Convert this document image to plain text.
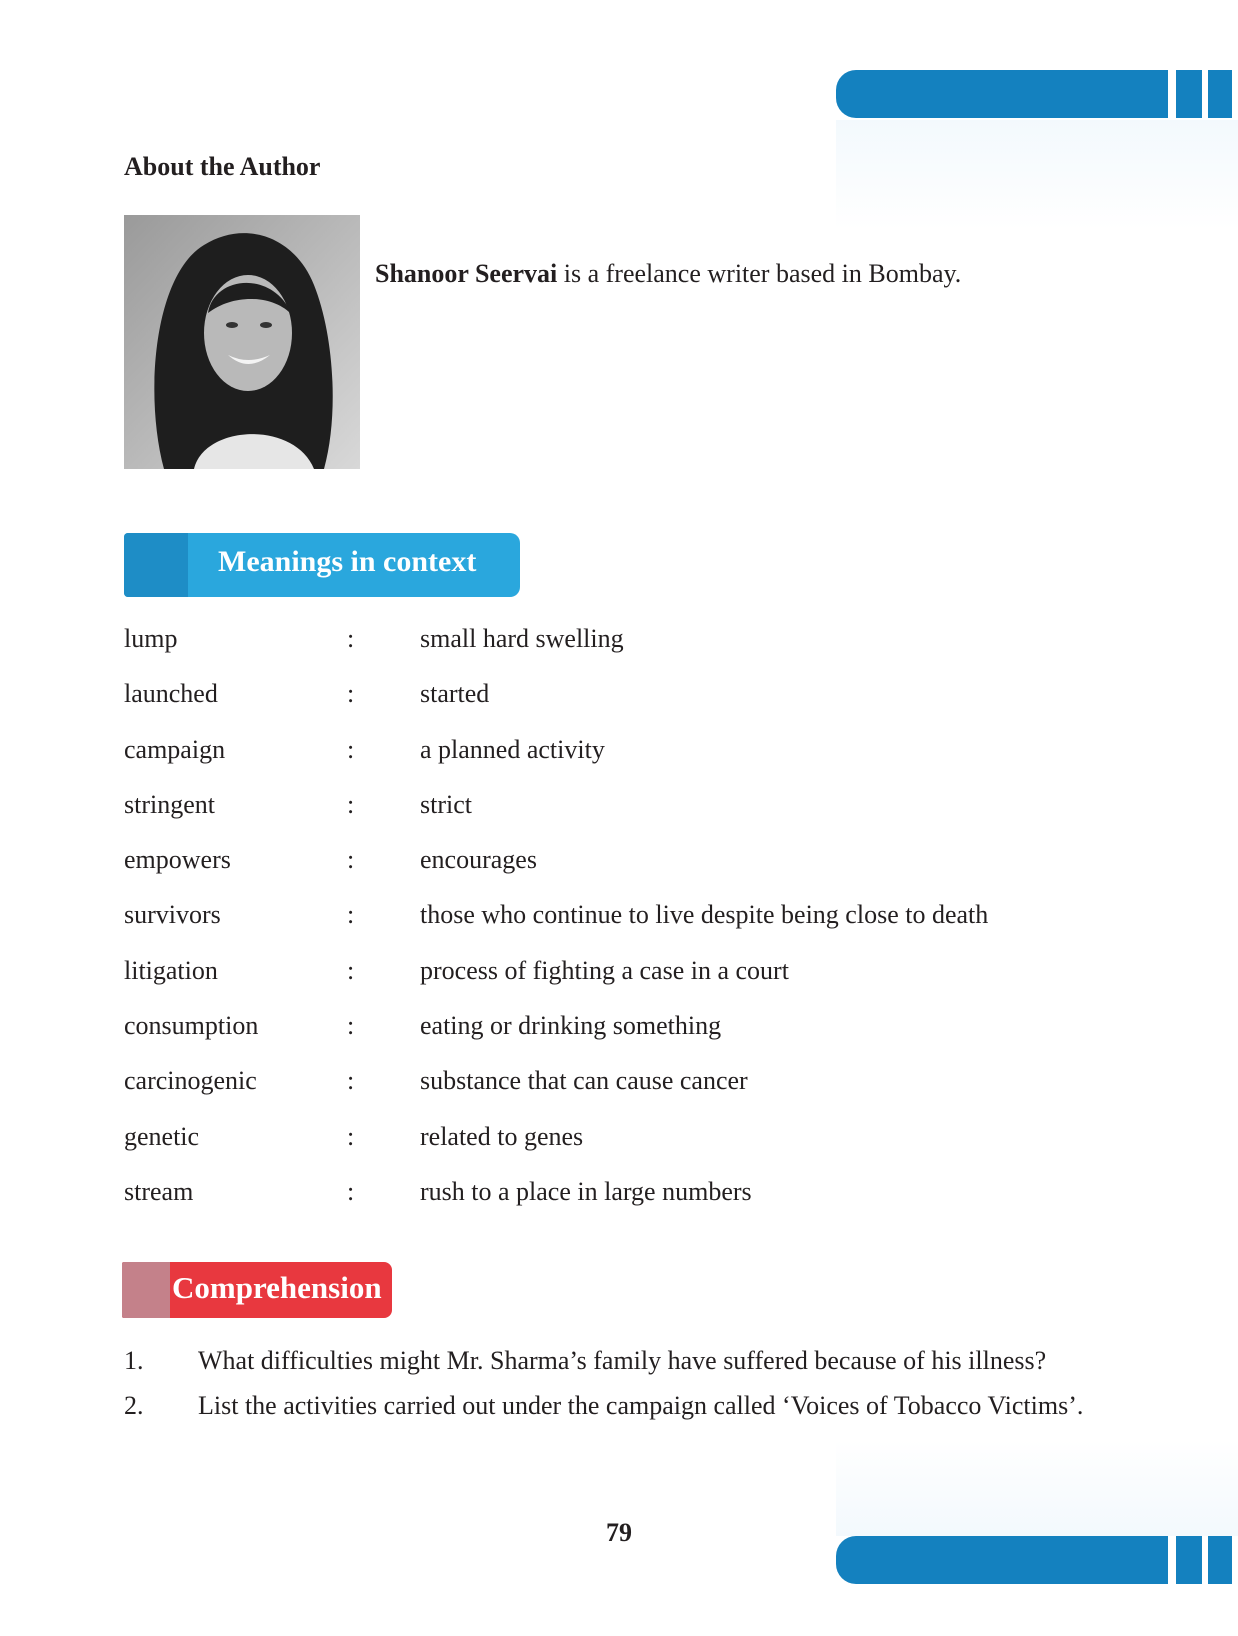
About the Author

Shanoor Seervai is a freelance writer based in Bombay.

Meanings in context
lump	:	small hard swelling
launched	:	started
campaign	:	a planned activity
stringent	:	strict
empowers	:	encourages
survivors	:	those who continue to live despite being close to death
litigation	:	process of fighting a case in a court
consumption	:	eating or drinking something
carcinogenic	:	substance that can cause cancer
genetic	:	related to genes
stream	:	rush to a place in large numbers
Comprehension
1. What difficulties might Mr. Sharma’s family have suffered because of his illness?
2. List the activities carried out under the campaign called ‘Voices of Tobacco Victims’.
79
